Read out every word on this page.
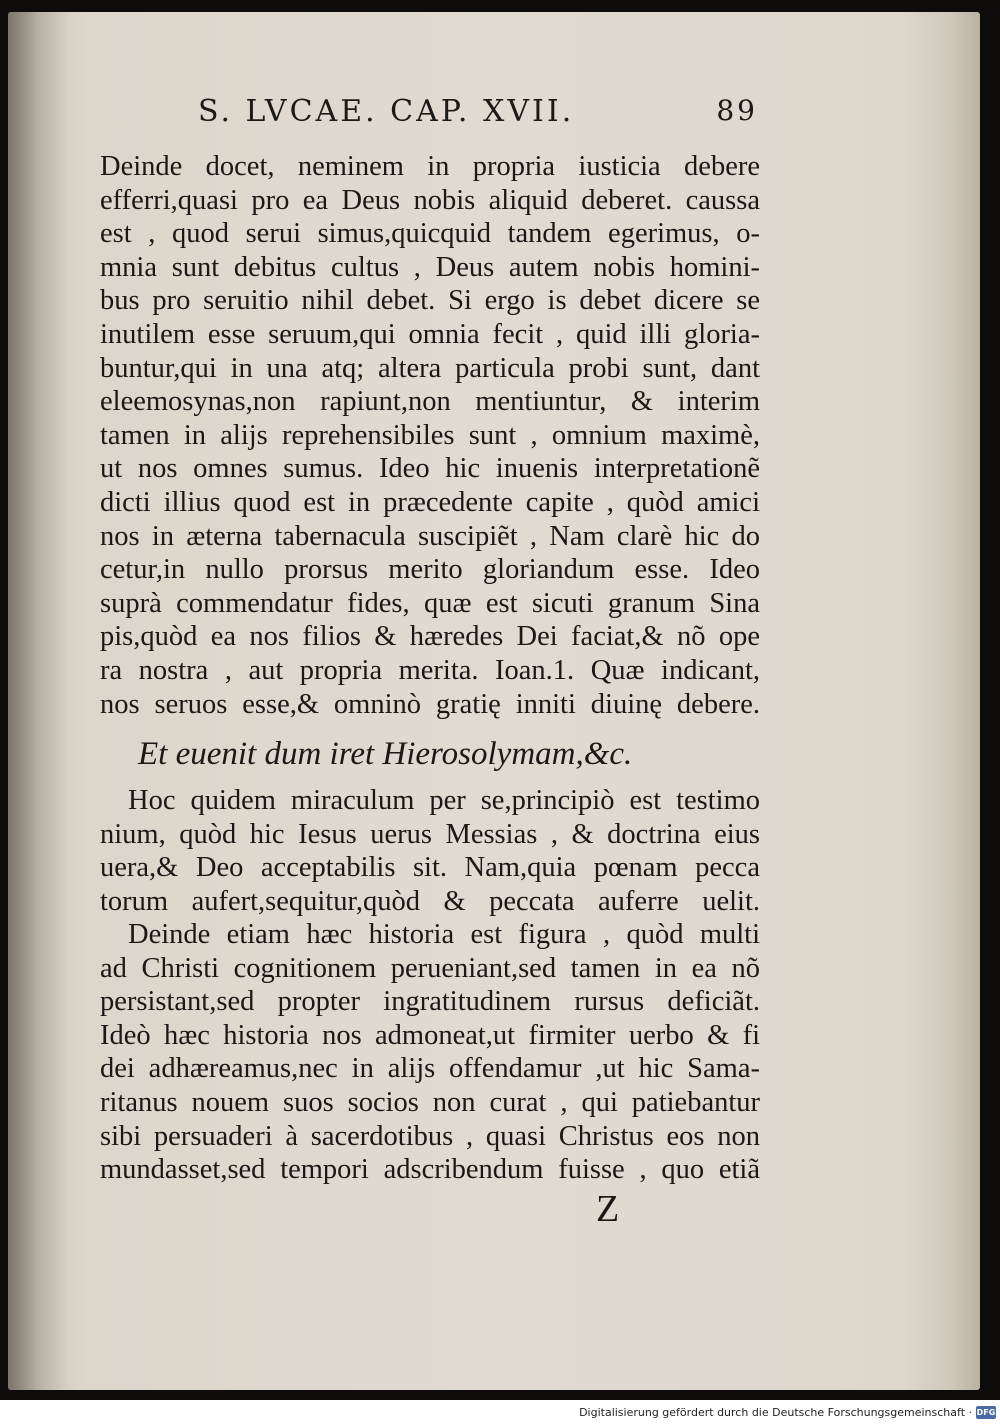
S. LVCAE. CAP. XVII.	89
Deinde docet, neminem in propria iusticia debere
efferri,quasi pro ea Deus nobis aliquid deberet. caussa
est , quod serui simus,quicquid tandem egerimus, o-
mnia sunt debitus cultus , Deus autem nobis homini-
bus pro seruitio nihil debet. Si ergo is debet dicere se
inutilem esse seruum,qui omnia fecit , quid illi gloria-
buntur,qui in una atq; altera particula probi sunt, dant
eleemosynas,non rapiunt,non mentiuntur, & interim
tamen in alijs reprehensibiles sunt , omnium maximè,
ut nos omnes sumus. Ideo hic inuenis interpretationẽ
dicti illius quod est in præcedente capite , quòd amici
nos in æterna tabernacula suscipiẽt , Nam clarè hic do
cetur,in nullo prorsus merito gloriandum esse. Ideo
suprà commendatur fides, quæ est sicuti granum Sina
pis,quòd ea nos filios & hæredes Dei faciat,& nõ ope
ra nostra , aut propria merita. Ioan.1. Quæ indicant,
nos seruos esse,& omninò gratię inniti diuinę debere.
Et euenit dum iret Hierosolymam,&c.
Hoc quidem miraculum per se,principiò est testimo
nium, quòd hic Iesus uerus Messias , & doctrina eius
uera,& Deo acceptabilis sit. Nam,quia pœnam pecca
torum aufert,sequitur,quòd & peccata auferre uelit.
Deinde etiam hæc historia est figura , quòd multi
ad Christi cognitionem perueniant,sed tamen in ea nõ
persistant,sed propter ingratitudinem rursus deficiãt.
Ideò hæc historia nos admoneat,ut firmiter uerbo & fi
dei adhæreamus,nec in alijs offendamur ,ut hic Sama-
ritanus nouem suos socios non curat , qui patiebantur
sibi persuaderi à sacerdotibus , quasi Christus eos non
mundasset,sed tempori adscribendum fuisse , quo etiã
Z
Digitalisierung gefördert durch die Deutsche Forschungsgemeinschaft · DFG
